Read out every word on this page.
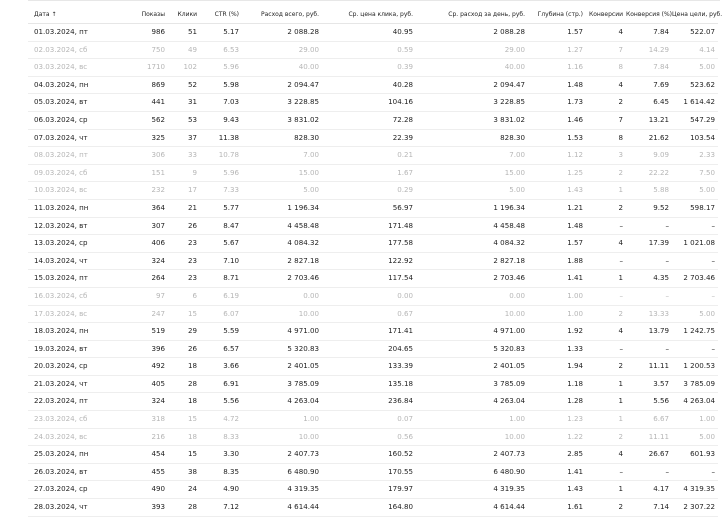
Дата ↑	Показы	Клики	CTR (%)	Расход всего, руб.	Ср. цена клика, руб.	Ср. расход за день, руб.	Глубина (стр.)	Конверсии	Конверсия (%)	Цена цели, руб.
01.03.2024, пт	986	51	5.17	2 088.28	40.95	2 088.28	1.57	4	7.84	522.07
02.03.2024, сб	750	49	6.53	29.00	0.59	29.00	1.27	7	14.29	4.14
03.03.2024, вс	1710	102	5.96	40.00	0.39	40.00	1.16	8	7.84	5.00
04.03.2024, пн	869	52	5.98	2 094.47	40.28	2 094.47	1.48	4	7.69	523.62
05.03.2024, вт	441	31	7.03	3 228.85	104.16	3 228.85	1.73	2	6.45	1 614.42
06.03.2024, ср	562	53	9.43	3 831.02	72.28	3 831.02	1.46	7	13.21	547.29
07.03.2024, чт	325	37	11.38	828.30	22.39	828.30	1.53	8	21.62	103.54
08.03.2024, пт	306	33	10.78	7.00	0.21	7.00	1.12	3	9.09	2.33
09.03.2024, сб	151	9	5.96	15.00	1.67	15.00	1.25	2	22.22	7.50
10.03.2024, вс	232	17	7.33	5.00	0.29	5.00	1.43	1	5.88	5.00
11.03.2024, пн	364	21	5.77	1 196.34	56.97	1 196.34	1.21	2	9.52	598.17
12.03.2024, вт	307	26	8.47	4 458.48	171.48	4 458.48	1.48	–	–	–
13.03.2024, ср	406	23	5.67	4 084.32	177.58	4 084.32	1.57	4	17.39	1 021.08
14.03.2024, чт	324	23	7.10	2 827.18	122.92	2 827.18	1.88	–	–	–
15.03.2024, пт	264	23	8.71	2 703.46	117.54	2 703.46	1.41	1	4.35	2 703.46
16.03.2024, сб	97	6	6.19	0.00	0.00	0.00	1.00	–	–	–
17.03.2024, вс	247	15	6.07	10.00	0.67	10.00	1.00	2	13.33	5.00
18.03.2024, пн	519	29	5.59	4 971.00	171.41	4 971.00	1.92	4	13.79	1 242.75
19.03.2024, вт	396	26	6.57	5 320.83	204.65	5 320.83	1.33	–	–	–
20.03.2024, ср	492	18	3.66	2 401.05	133.39	2 401.05	1.94	2	11.11	1 200.53
21.03.2024, чт	405	28	6.91	3 785.09	135.18	3 785.09	1.18	1	3.57	3 785.09
22.03.2024, пт	324	18	5.56	4 263.04	236.84	4 263.04	1.28	1	5.56	4 263.04
23.03.2024, сб	318	15	4.72	1.00	0.07	1.00	1.23	1	6.67	1.00
24.03.2024, вс	216	18	8.33	10.00	0.56	10.00	1.22	2	11.11	5.00
25.03.2024, пн	454	15	3.30	2 407.73	160.52	2 407.73	2.85	4	26.67	601.93
26.03.2024, вт	455	38	8.35	6 480.90	170.55	6 480.90	1.41	–	–	–
27.03.2024, ср	490	24	4.90	4 319.35	179.97	4 319.35	1.43	1	4.17	4 319.35
28.03.2024, чт	393	28	7.12	4 614.44	164.80	4 614.44	1.61	2	7.14	2 307.22
